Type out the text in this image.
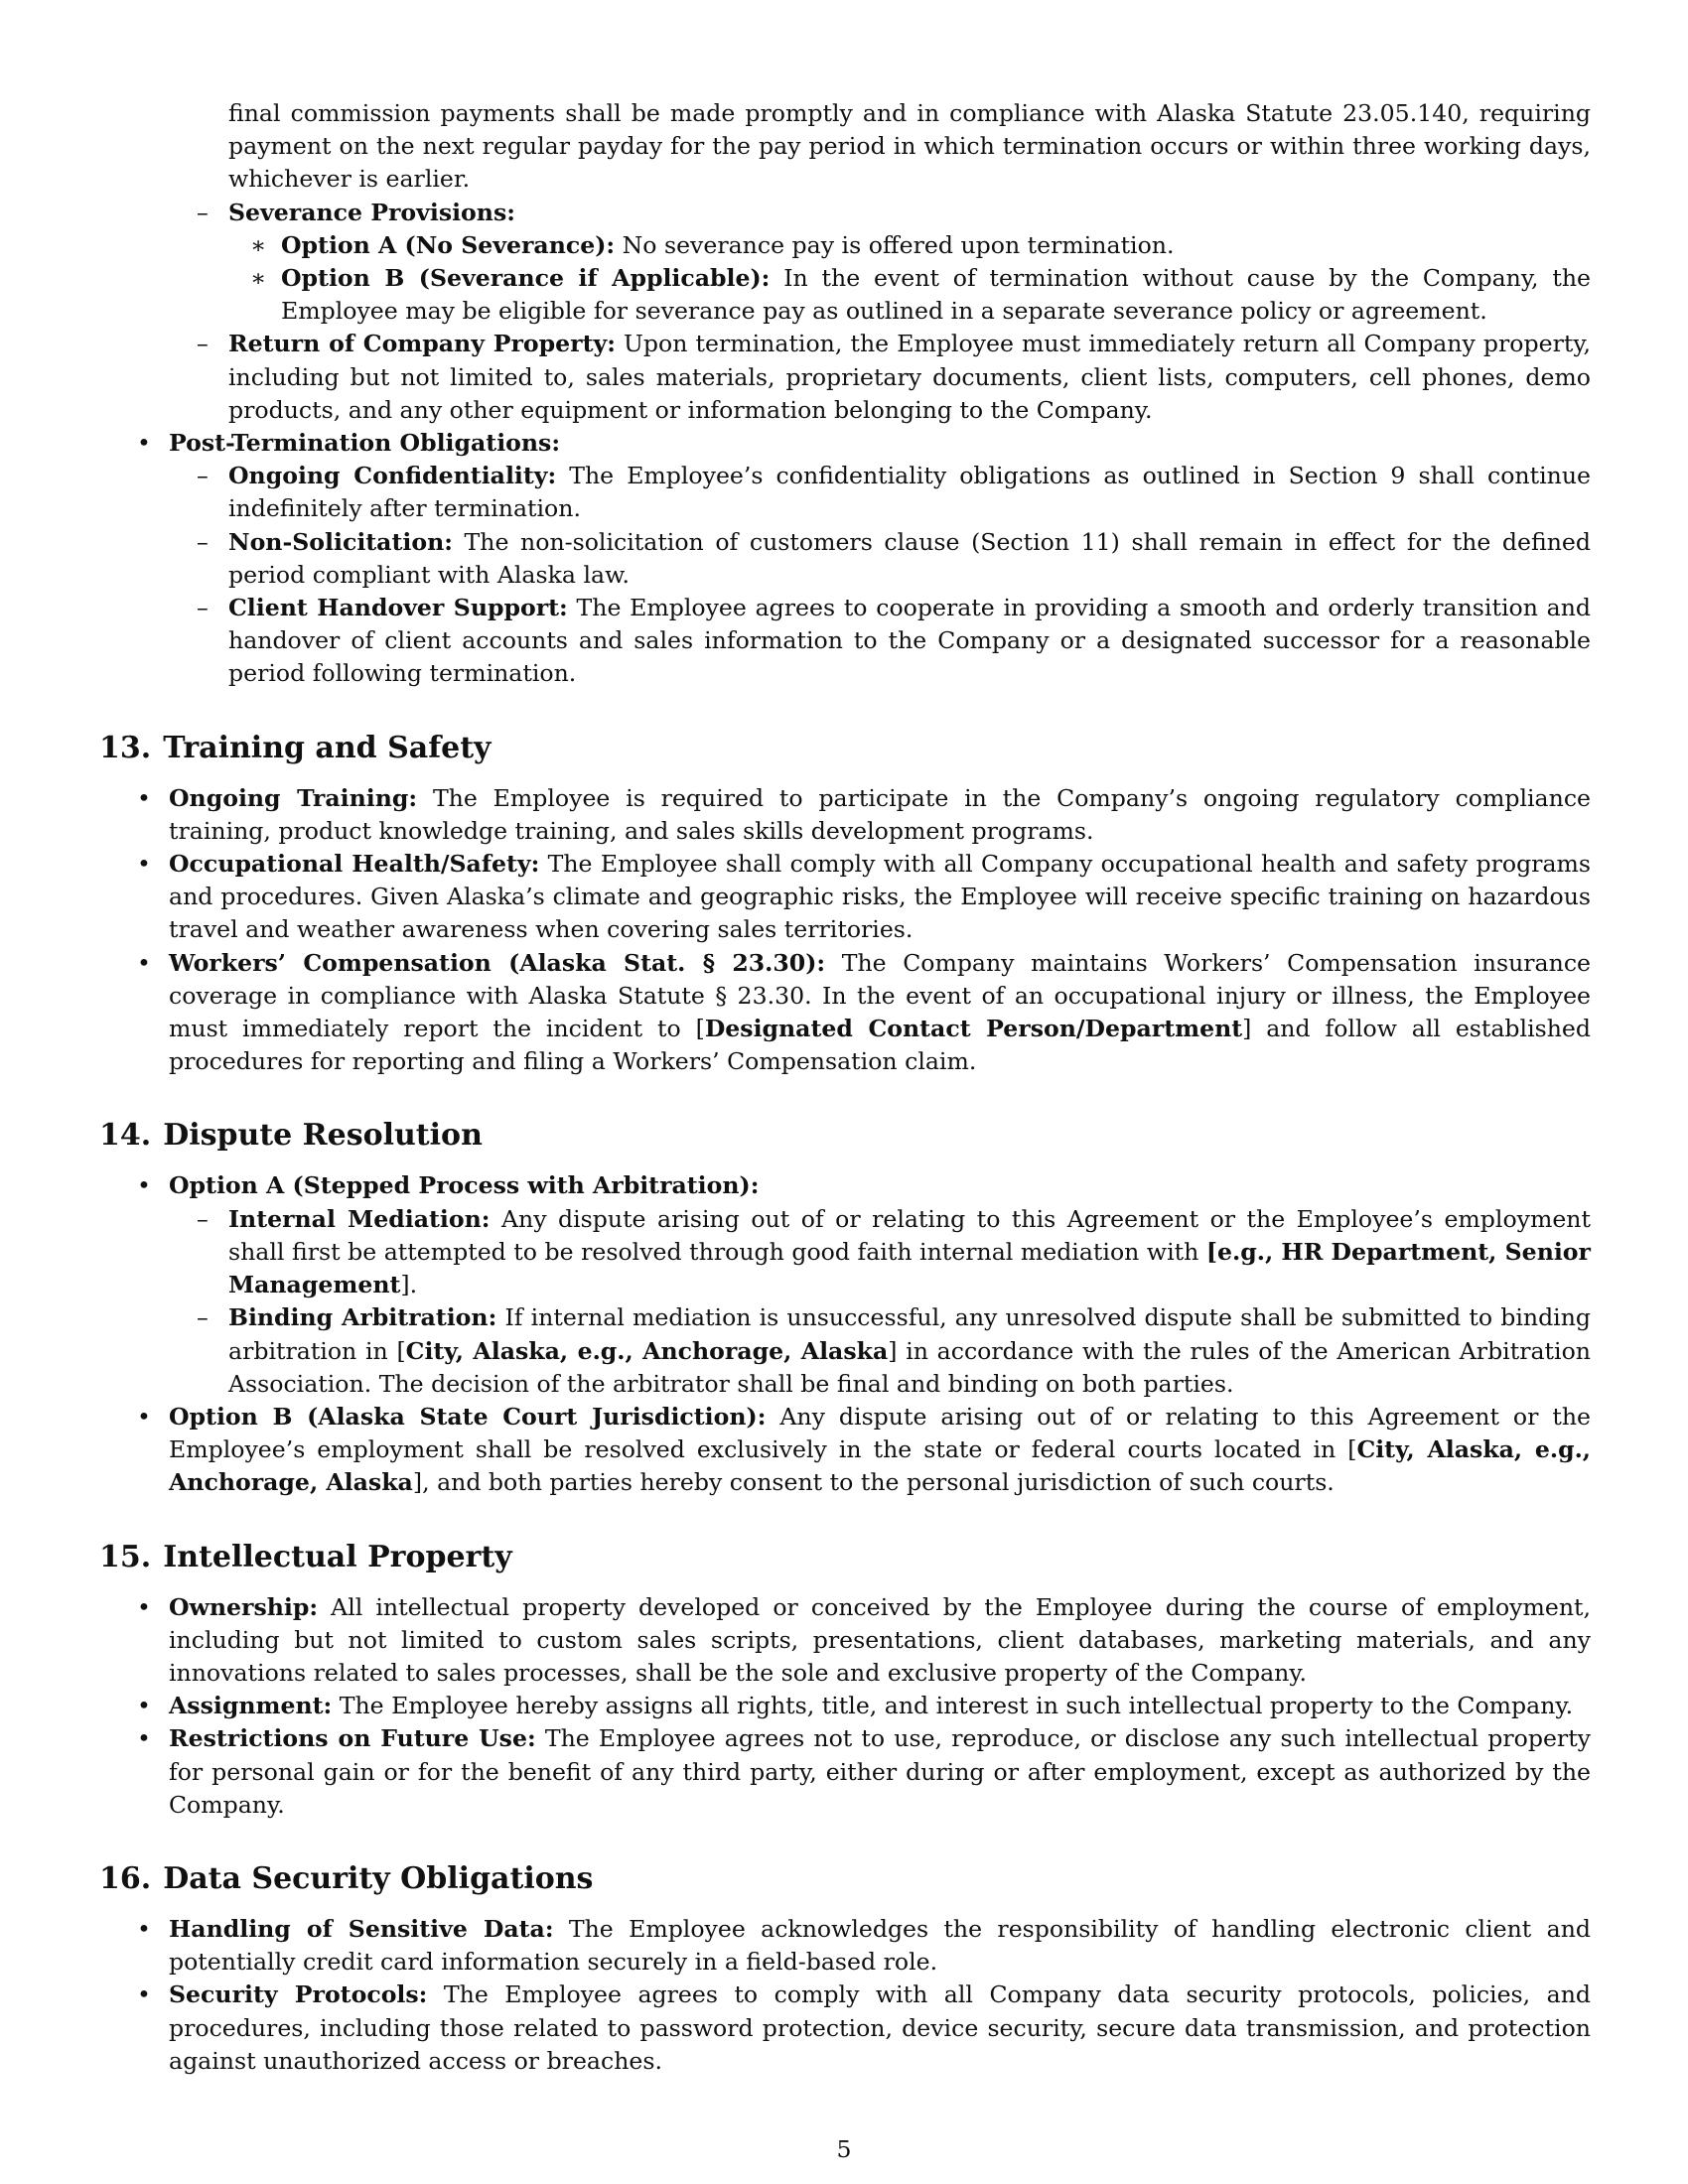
final commission payments shall be made promptly and in compliance with Alaska Statute 23.05.140, requiring payment on the next regular payday for the pay period in which termination occurs or within three working days, whichever is earlier.

– Severance Provisions:

∗ Option A (No Severance): No severance pay is offered upon termination.

∗ Option B (Severance if Applicable): In the event of termination without cause by the Company, the Employee may be eligible for severance pay as outlined in a separate severance policy or agreement.

– Return of Company Property: Upon termination, the Employee must immediately return all Company property, including but not limited to, sales materials, proprietary documents, client lists, computers, cell phones, demo products, and any other equipment or information belonging to the Company.

• Post-Termination Obligations:

– Ongoing Confidentiality: The Employee’s confidentiality obligations as outlined in Section 9 shall continue indefinitely after termination.

– Non-Solicitation: The non-solicitation of customers clause (Section 11) shall remain in effect for the defined period compliant with Alaska law.

– Client Handover Support: The Employee agrees to cooperate in providing a smooth and orderly transition and handover of client accounts and sales information to the Company or a designated successor for a reasonable period following termination.

13. Training and Safety

• Ongoing Training: The Employee is required to participate in the Company’s ongoing regulatory compliance training, product knowledge training, and sales skills development programs.

• Occupational Health/Safety: The Employee shall comply with all Company occupational health and safety programs and procedures. Given Alaska’s climate and geographic risks, the Employee will receive specific training on hazardous travel and weather awareness when covering sales territories.

• Workers’ Compensation (Alaska Stat. § 23.30): The Company maintains Workers’ Compensation insurance coverage in compliance with Alaska Statute § 23.30. In the event of an occupational injury or illness, the Employee must immediately report the incident to [Designated Contact Person/Department] and follow all established procedures for reporting and filing a Workers’ Compensation claim.

14. Dispute Resolution

• Option A (Stepped Process with Arbitration):

– Internal Mediation: Any dispute arising out of or relating to this Agreement or the Employee’s employment shall first be attempted to be resolved through good faith internal mediation with [e.g., HR Department, Senior Management].

– Binding Arbitration: If internal mediation is unsuccessful, any unresolved dispute shall be submitted to binding arbitration in [City, Alaska, e.g., Anchorage, Alaska] in accordance with the rules of the American Arbitration Association. The decision of the arbitrator shall be final and binding on both parties.

• Option B (Alaska State Court Jurisdiction): Any dispute arising out of or relating to this Agreement or the Employee’s employment shall be resolved exclusively in the state or federal courts located in [City, Alaska, e.g., Anchorage, Alaska], and both parties hereby consent to the personal jurisdiction of such courts.

15. Intellectual Property

• Ownership: All intellectual property developed or conceived by the Employee during the course of employment, including but not limited to custom sales scripts, presentations, client databases, marketing materials, and any innovations related to sales processes, shall be the sole and exclusive property of the Company.

• Assignment: The Employee hereby assigns all rights, title, and interest in such intellectual property to the Company.

• Restrictions on Future Use: The Employee agrees not to use, reproduce, or disclose any such intellectual property for personal gain or for the benefit of any third party, either during or after employment, except as authorized by the Company.

16. Data Security Obligations

• Handling of Sensitive Data: The Employee acknowledges the responsibility of handling electronic client and potentially credit card information securely in a field-based role.

• Security Protocols: The Employee agrees to comply with all Company data security protocols, policies, and procedures, including those related to password protection, device security, secure data transmission, and protection against unauthorized access or breaches.

5
